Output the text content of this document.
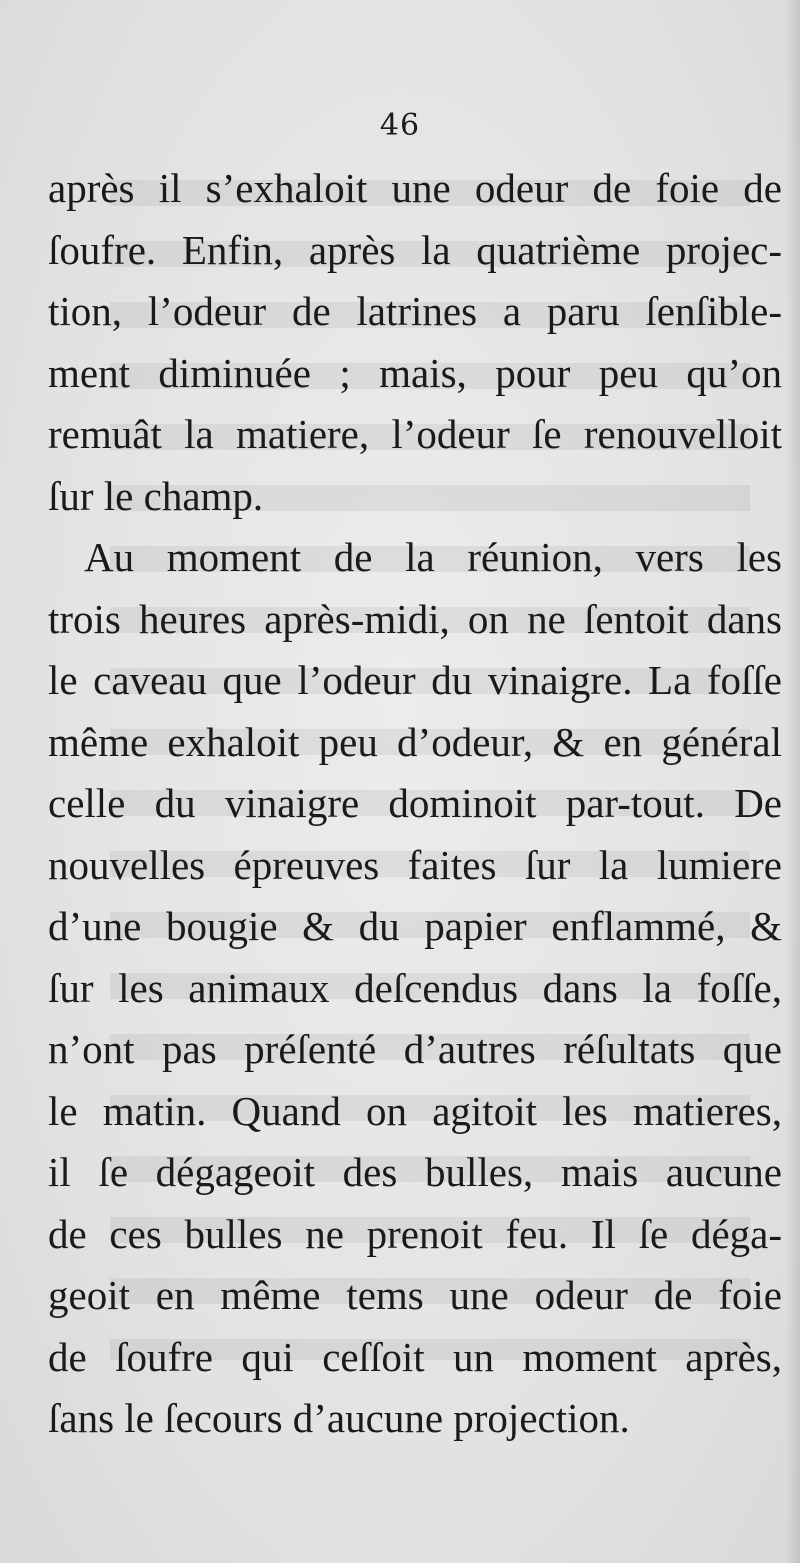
46
après il s’exhaloit une odeur de foie de
ſoufre. Enfin, après la quatrième projec-
tion, l’odeur de latrines a paru ſenſible-
ment diminuée ; mais, pour peu qu’on
remuât la matiere, l’odeur ſe renouvelloit
ſur le champ.
Au moment de la réunion, vers les
trois heures après-midi, on ne ſentoit dans
le caveau que l’odeur du vinaigre. La foſſe
même exhaloit peu d’odeur, & en général
celle du vinaigre dominoit par-tout. De
nouvelles épreuves faites ſur la lumiere
d’une bougie & du papier enflammé, &
ſur les animaux deſcendus dans la foſſe,
n’ont pas préſenté d’autres réſultats que
le matin. Quand on agitoit les matieres,
il ſe dégageoit des bulles, mais aucune
de ces bulles ne prenoit feu. Il ſe déga-
geoit en même tems une odeur de foie
de ſoufre qui ceſſoit un moment après,
ſans le ſecours d’aucune projection.
